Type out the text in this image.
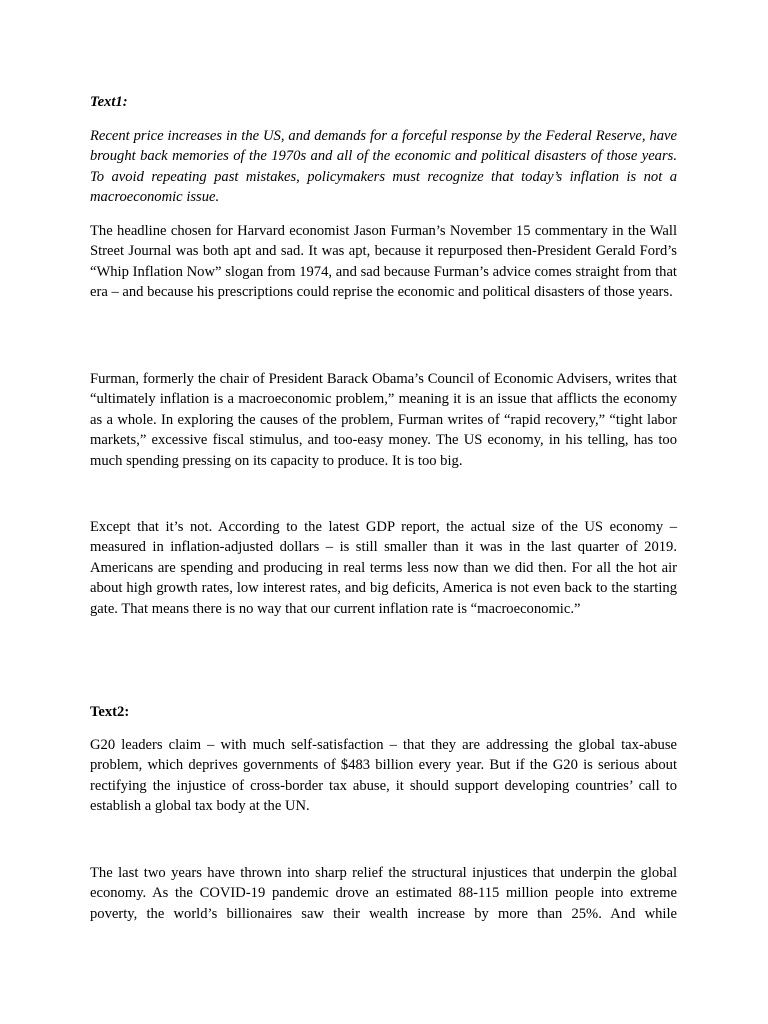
Text1:

Recent price increases in the US, and demands for a forceful response by the Federal Reserve, have brought back memories of the 1970s and all of the economic and political disasters of those years. To avoid repeating past mistakes, policymakers must recognize that today’s inflation is not a macroeconomic issue.

The headline chosen for Harvard economist Jason Furman’s November 15 commentary in the Wall Street Journal was both apt and sad. It was apt, because it repurposed then-President Gerald Ford’s “Whip Inflation Now” slogan from 1974, and sad because Furman’s advice comes straight from that era – and because his prescriptions could reprise the economic and political disasters of those years.

Furman, formerly the chair of President Barack Obama’s Council of Economic Advisers, writes that “ultimately inflation is a macroeconomic problem,” meaning it is an issue that afflicts the economy as a whole. In exploring the causes of the problem, Furman writes of “rapid recovery,” “tight labor markets,” excessive fiscal stimulus, and too-easy money. The US economy, in his telling, has too much spending pressing on its capacity to produce. It is too big.

Except that it’s not. According to the latest GDP report, the actual size of the US economy – measured in inflation-adjusted dollars – is still smaller than it was in the last quarter of 2019. Americans are spending and producing in real terms less now than we did then. For all the hot air about high growth rates, low interest rates, and big deficits, America is not even back to the starting gate. That means there is no way that our current inflation rate is “macroeconomic.”

Text2:

G20 leaders claim – with much self-satisfaction – that they are addressing the global tax-abuse problem, which deprives governments of $483 billion every year. But if the G20 is serious about rectifying the injustice of cross-border tax abuse, it should support developing countries’ call to establish a global tax body at the UN.

The last two years have thrown into sharp relief the structural injustices that underpin the global economy. As the COVID-19 pandemic drove an estimated 88-115 million people into extreme poverty, the world’s billionaires saw their wealth increase by more than 25%. And while
